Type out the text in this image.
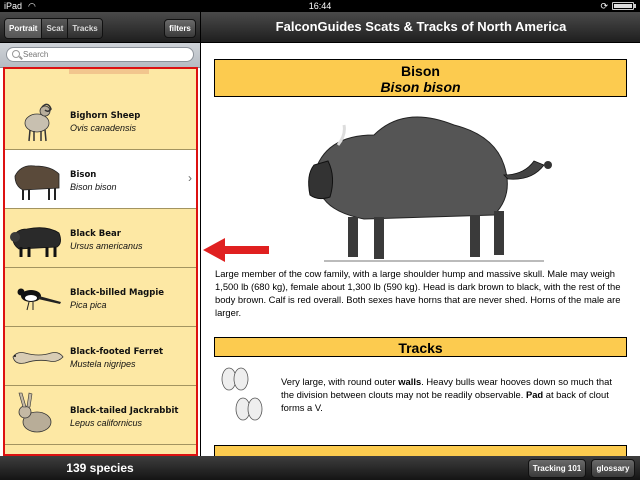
iPad ◠	16:44	⟳
Portrait	Scat	Tracks	filters
Search
Bighorn Sheep
Ovis canadensis
Bison
Bison bison
›
Black Bear
Ursus americanus
Black-billed Magpie
Pica pica
Black-footed Ferret
Mustela nigripes
Black-tailed Jackrabbit
Lepus californicus
FalconGuides Scats & Tracks of North America
Bison
Bison bison
Large member of the cow family, with a large shoulder hump and massive skull. Male may weigh 1,500 lb (680 kg), female about 1,300 lb (590 kg). Head is dark brown to black, with the rest of the body brown. Calf is red overall. Both sexes have horns that are never shed. Horns of the male are larger.
Tracks
Very large, with round outer walls. Heavy bulls wear hooves down so much that the division between clouts may not be readily observable. Pad at back of clout forms a V.
139 species	Tracking 101	glossary
